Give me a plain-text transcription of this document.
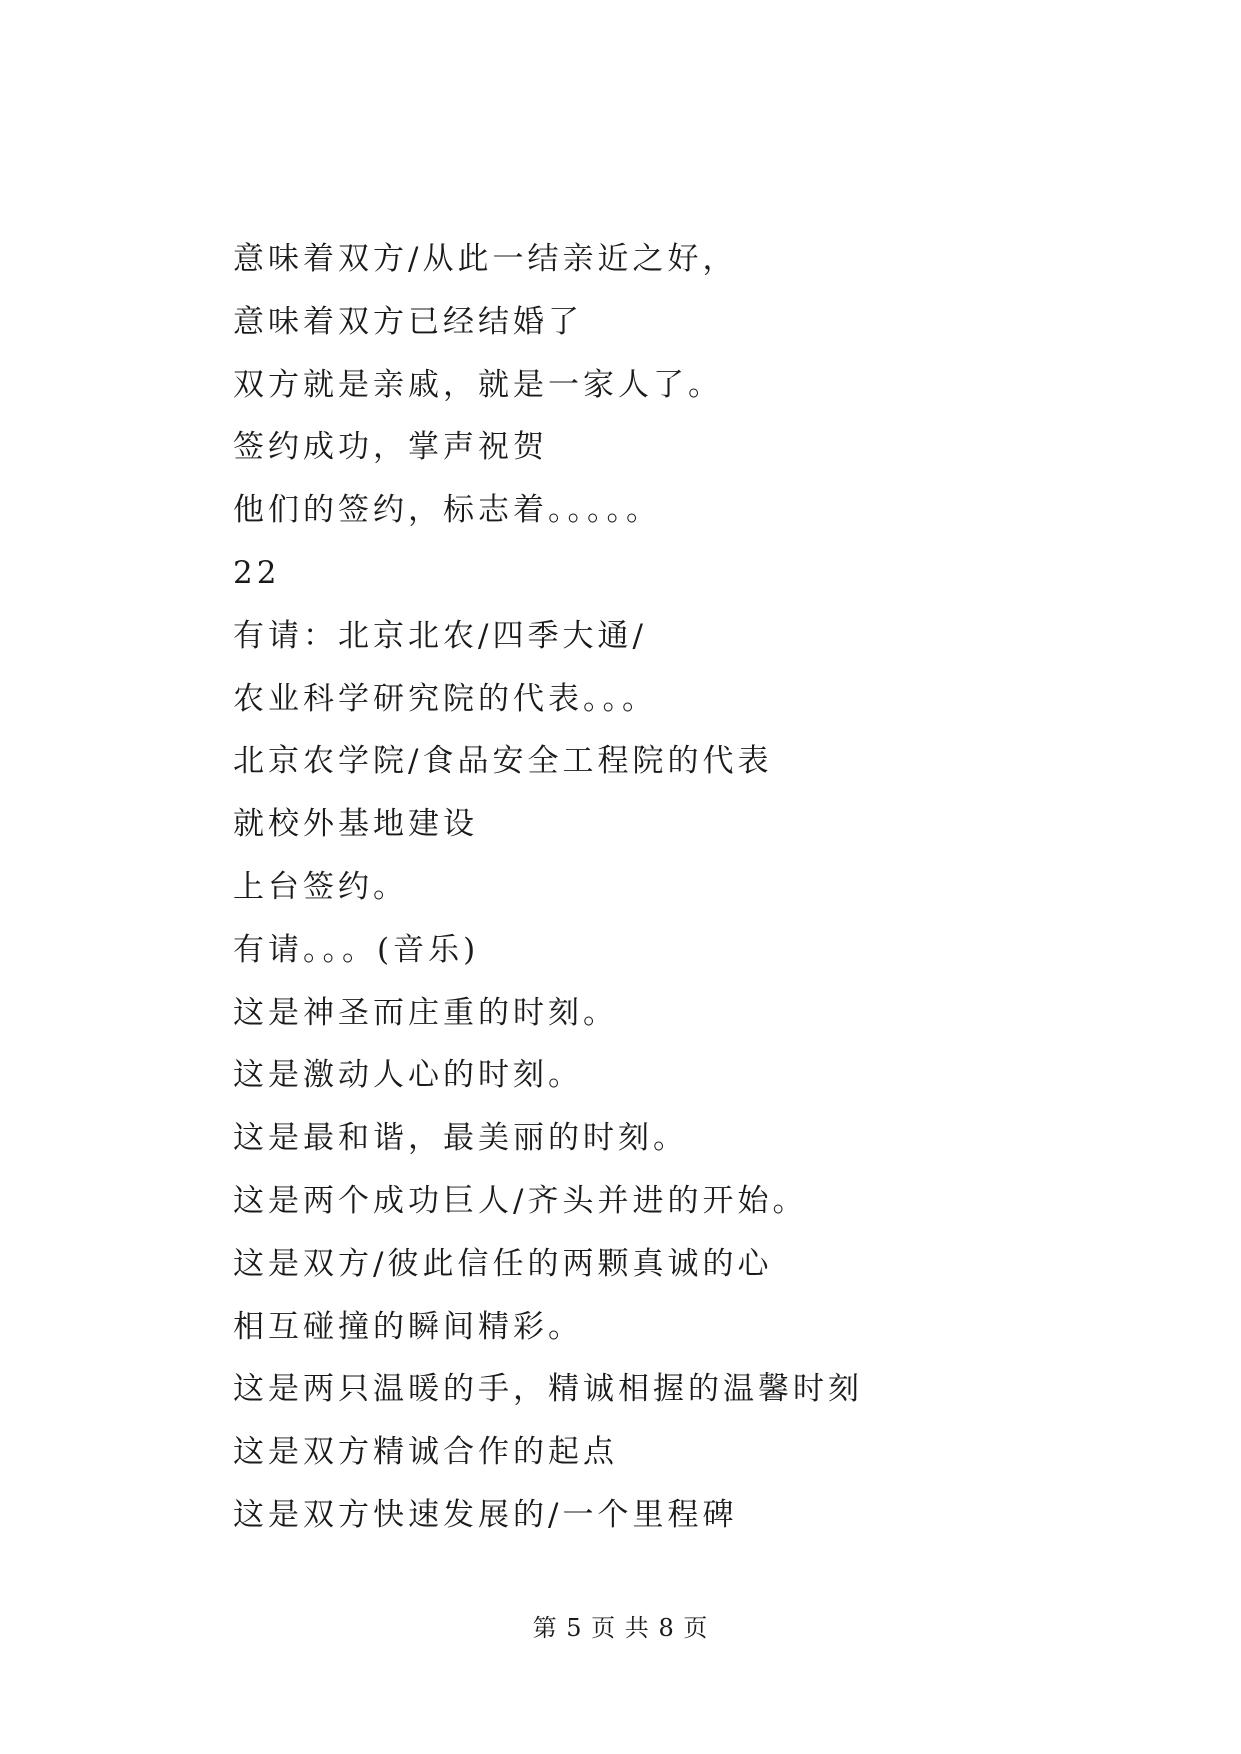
意味着双方/从此一结亲近之好，
意味着双方已经结婚了
双方就是亲戚，就是一家人了。
签约成功，掌声祝贺
他们的签约，标志着。。。。。
22
有请：北京北农/四季大通/
农业科学研究院的代表。。。
北京农学院/食品安全工程院的代表
就校外基地建设
上台签约。
有请。。。(音乐)
这是神圣而庄重的时刻。
这是激动人心的时刻。
这是最和谐，最美丽的时刻。
这是两个成功巨人/齐头并进的开始。
这是双方/彼此信任的两颗真诚的心
相互碰撞的瞬间精彩。
这是两只温暖的手，精诚相握的温馨时刻
这是双方精诚合作的起点
这是双方快速发展的/一个里程碑
第 5 页 共 8 页
